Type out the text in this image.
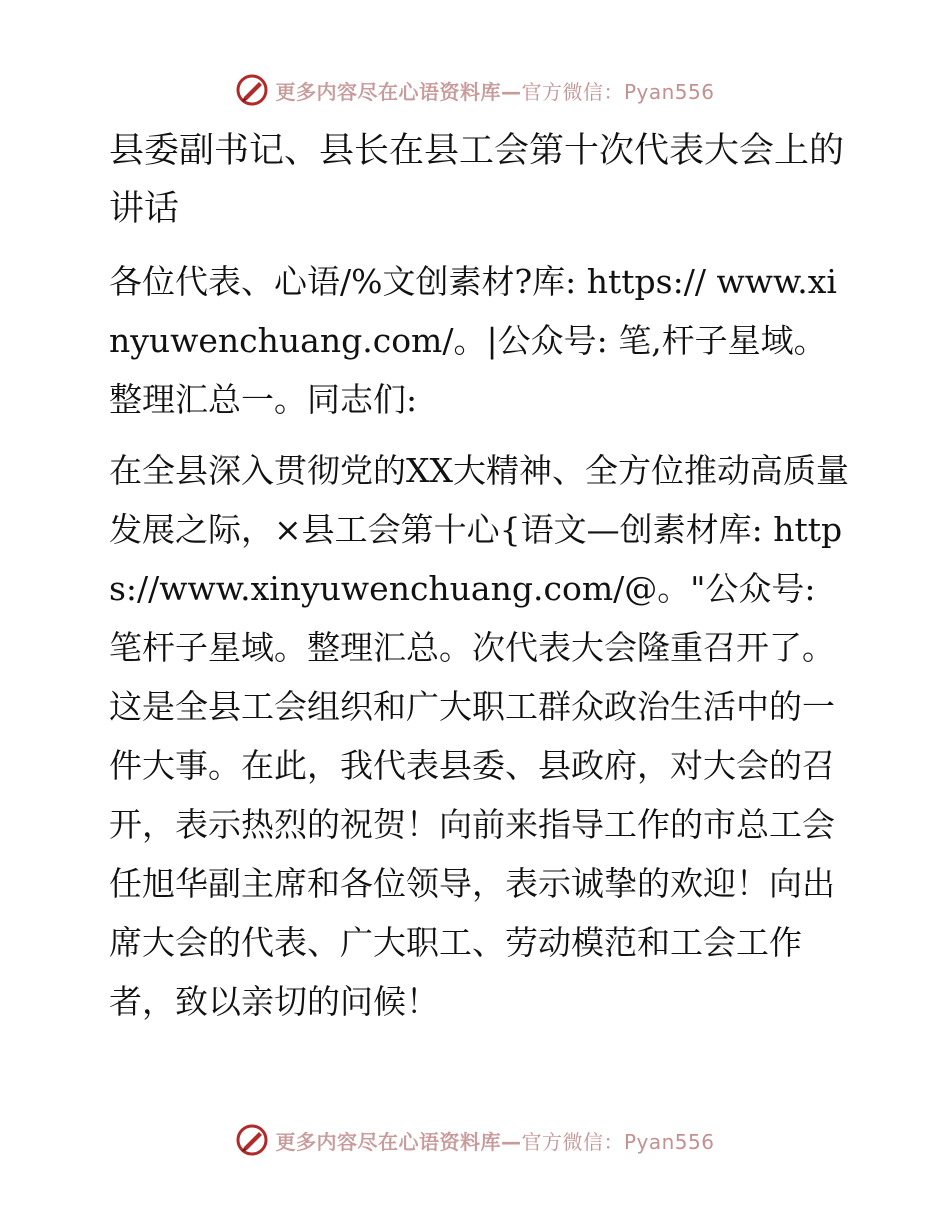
更多内容尽在心语资料库—官方微信：Pyan556
县委副书记、县长在县工会第十次代表大会上的讲话

各位代表、心语/%文创素材?库: https:// www.xinyuwenchuang.com/。|公众号: 笔,杆子星域。整理汇总一。同志们:

在全县深入贯彻党的XX大精神、全方位推动高质量发展之际，×县工会第十心{语文—创素材库: https://www.xinyuwenchuang.com/@。"公众号: 笔杆子星域。整理汇总。次代表大会隆重召开了。这是全县工会组织和广大职工群众政治生活中的一件大事。在此，我代表县委、县政府，对大会的召开，表示热烈的祝贺！向前来指导工作的市总工会任旭华副主席和各位领导，表示诚挚的欢迎！向出席大会的代表、广大职工、劳动模范和工会工作者，致以亲切的问候！

更多内容尽在心语资料库—官方微信：Pyan556
